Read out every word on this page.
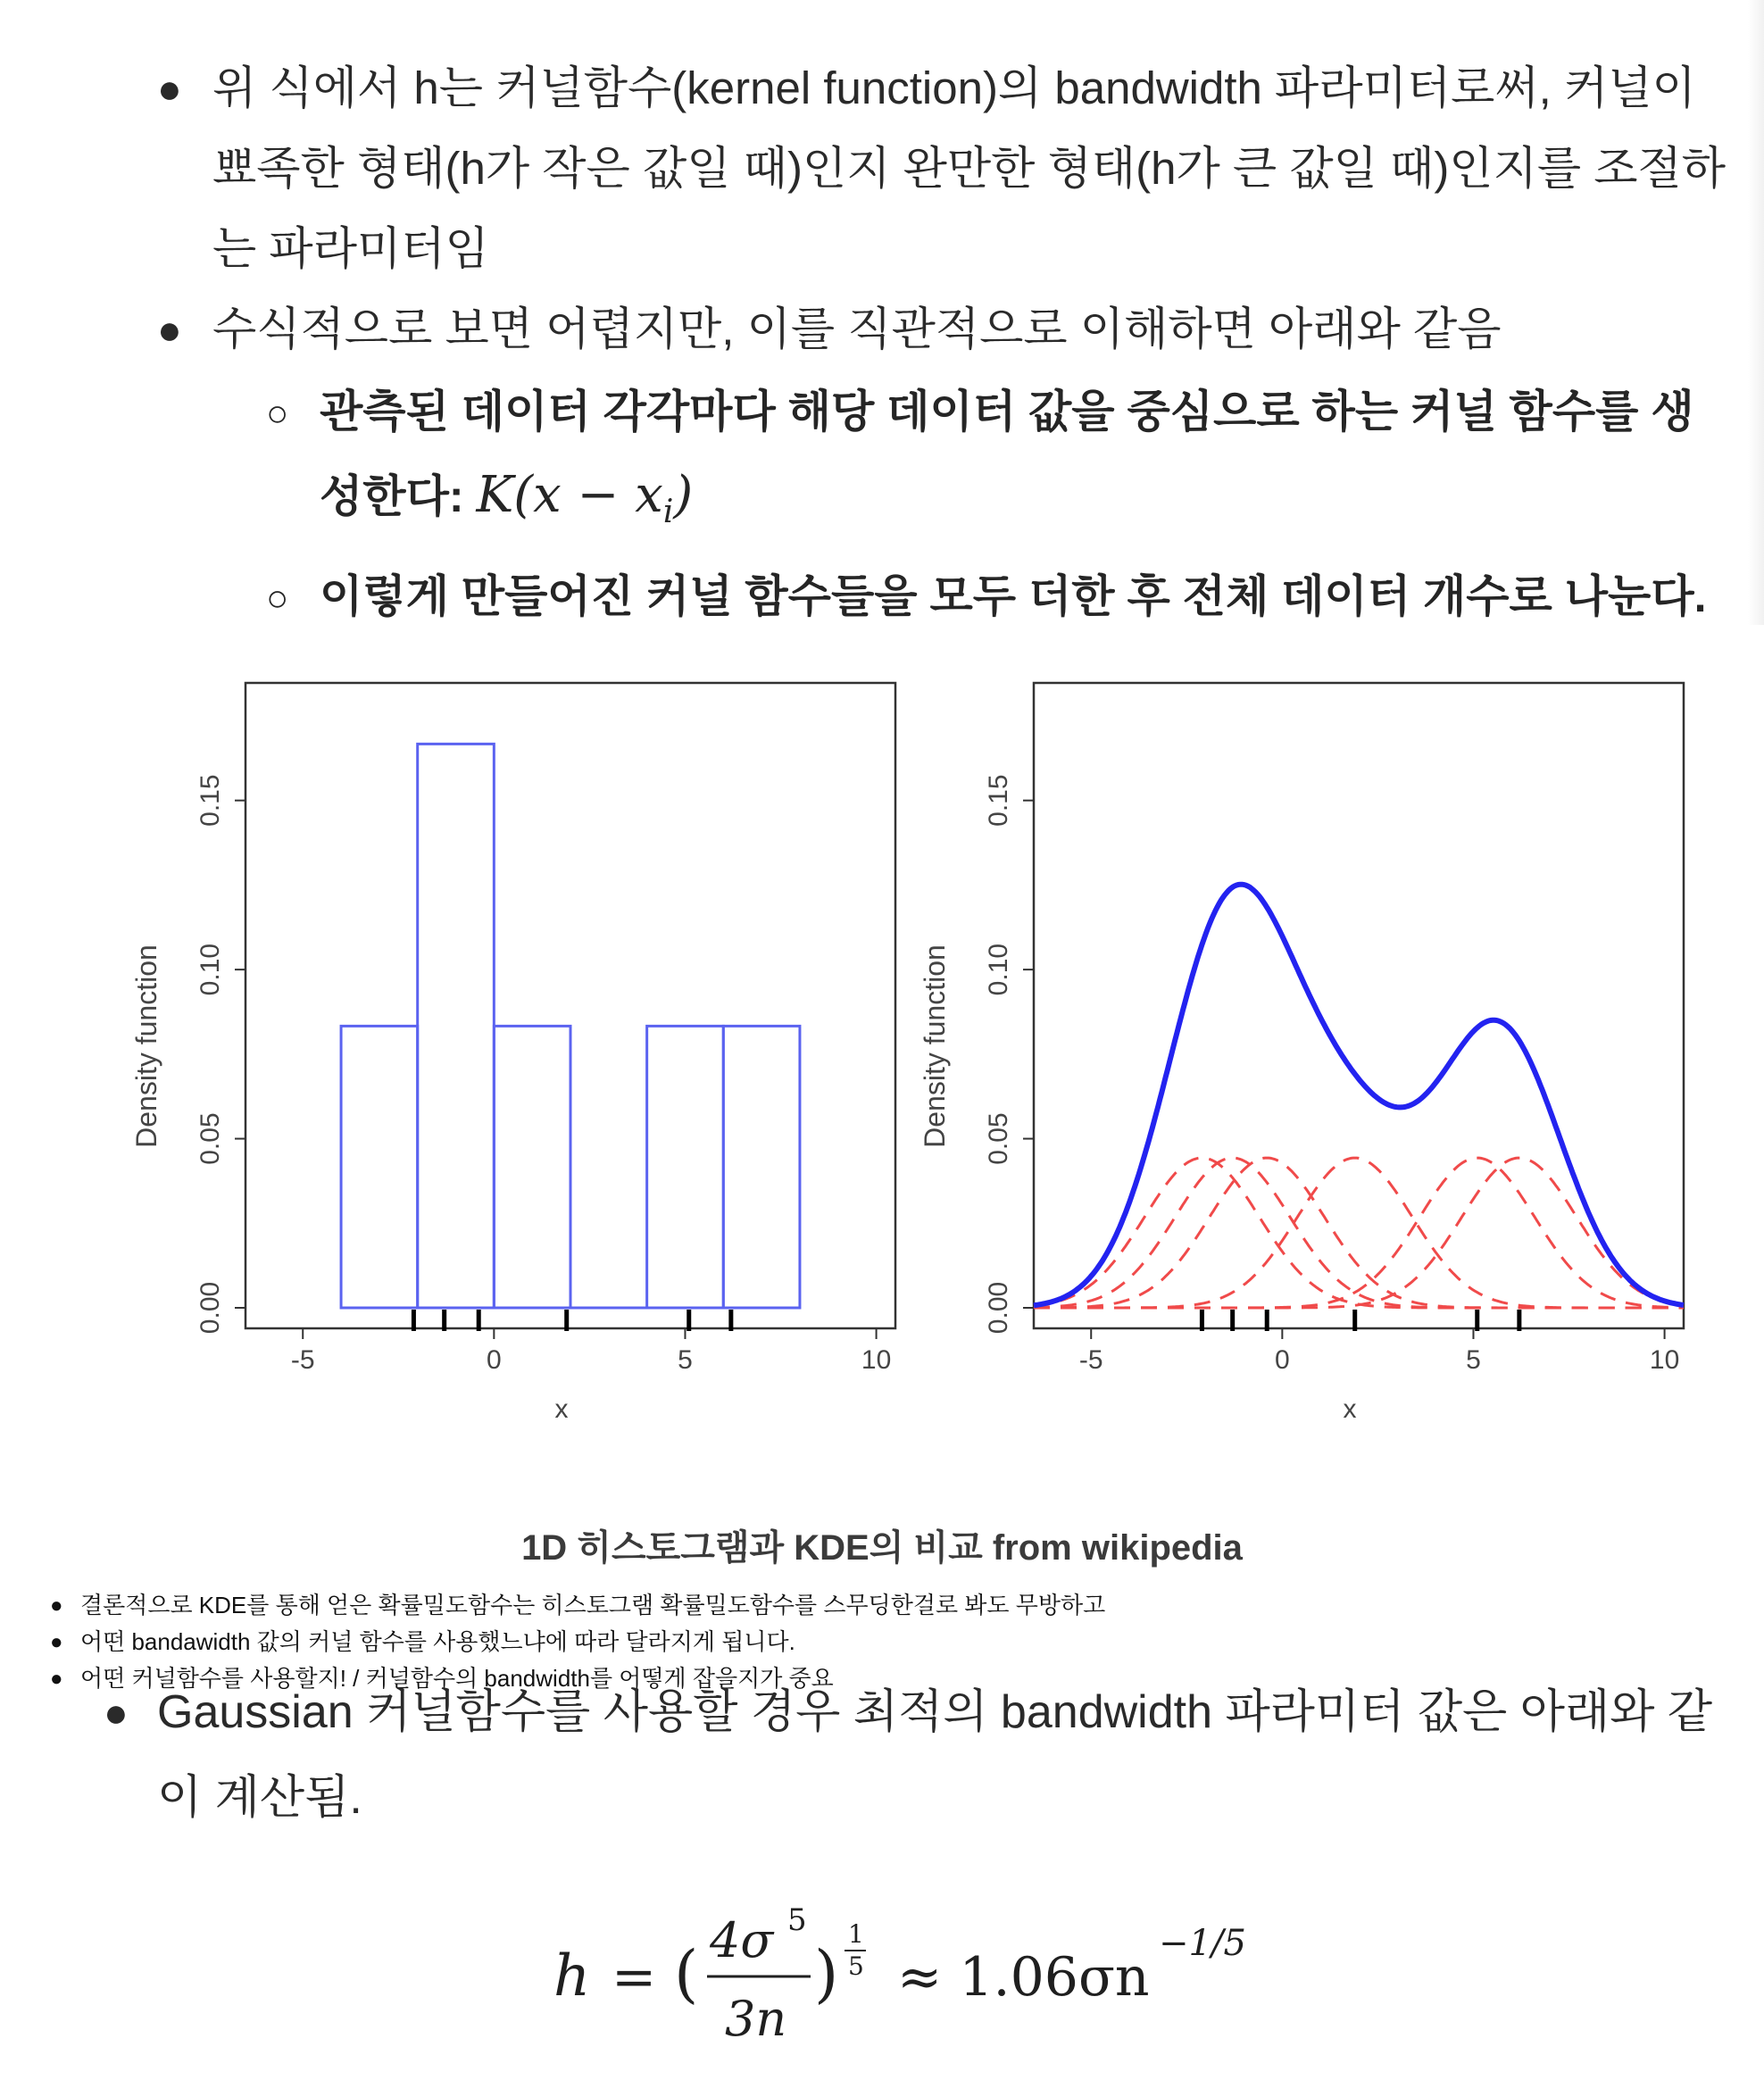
● 위 식에서 h는 커널함수(kernel function)의 bandwidth 파라미터로써, 커널이 뾰족한 형태(h가 작은 값일 때)인지 완만한 형태(h가 큰 값일 때)인지를 조절하는 파라미터임
● 수식적으로 보면 어렵지만, 이를 직관적으로 이해하면 아래와 같음
○ 관측된 데이터 각각마다 해당 데이터 값을 중심으로 하는 커널 함수를 생성한다: $K(x - x_i)$
○ 이렇게 만들어진 커널 함수들을 모두 더한 후 전체 데이터 개수로 나눈다.
-5	0	5	10
0.00
0.05
0.10
0.15
x
Density function
-5	0	5	10
0.00
0.05
0.10
0.15
x
Density function
1D 히스토그램과 KDE의 비교 from wikipedia
● 결론적으로 KDE를 통해 얻은 확률밀도함수는 히스토그램 확률밀도함수를 스무딩한걸로 봐도 무방하고
● 어떤 bandawidth 값의 커널 함수를 사용했느냐에 따라 달라지게 됩니다.
● 어떤 커널함수를 사용할지! / 커널함수의 bandwidth를 어떻게 잡을지가 중요
● Gaussian 커널함수를 사용할 경우 최적의 bandwidth 파라미터 값은 아래와 같이 계산됨.
h = ( 4σ 5
3n
)
1
5 ≈ 1.06σn
−1/5
